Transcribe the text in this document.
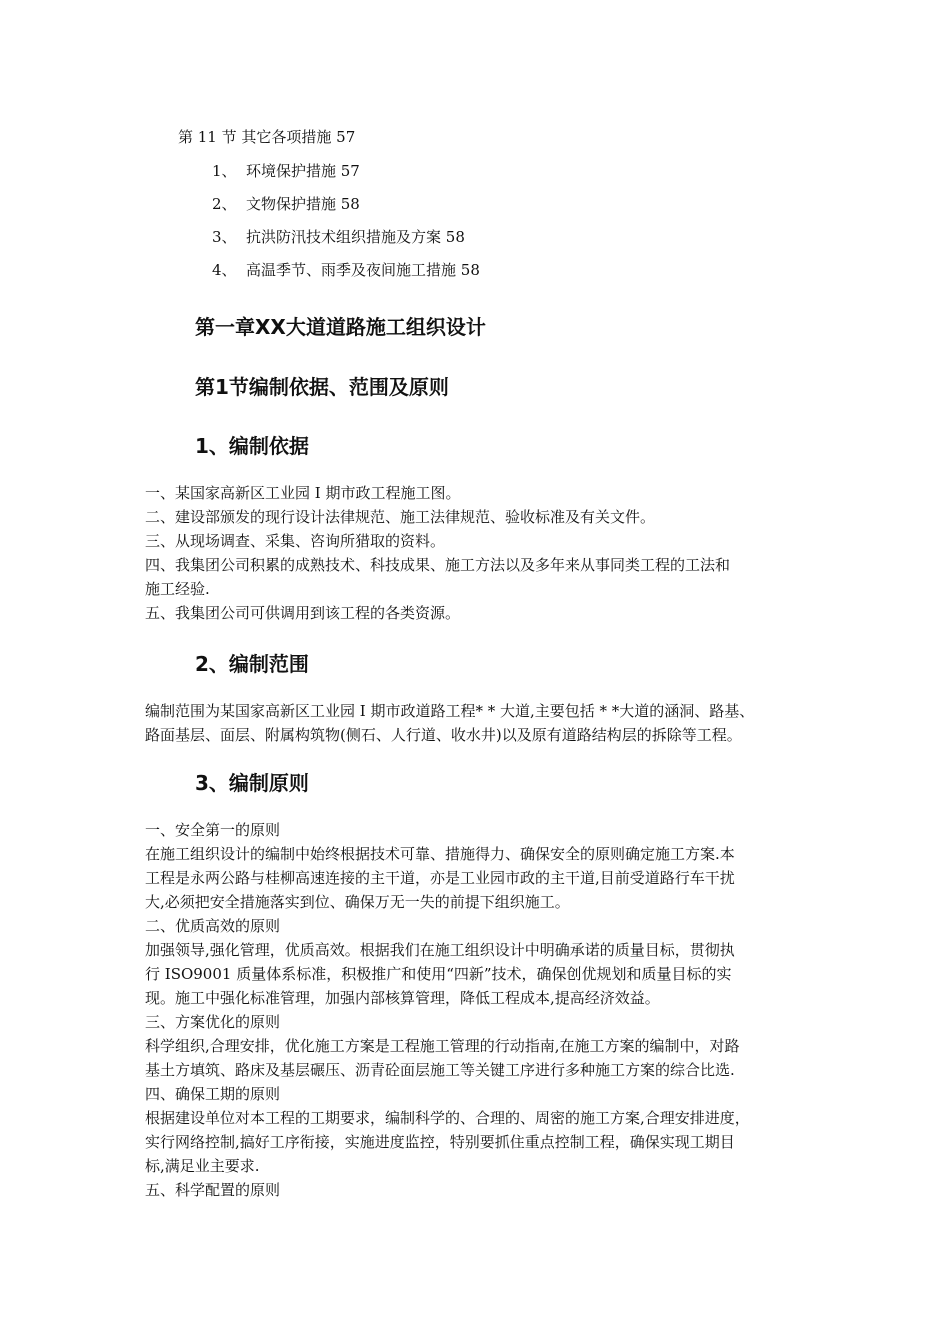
第 11 节 其它各项措施 57
1、 环境保护措施 57
2、 文物保护措施 58
3、 抗洪防汛技术组织措施及方案 58
4、 高温季节、雨季及夜间施工措施 58
第一章XX大道道路施工组织设计
第1节编制依据、范围及原则
1、编制依据
一、某国家高新区工业园 I 期市政工程施工图。
二、建设部颁发的现行设计法律规范、施工法律规范、验收标准及有关文件。
三、从现场调查、采集、咨询所猎取的资料。
四、我集团公司积累的成熟技术、科技成果、施工方法以及多年来从事同类工程的工法和
施工经验.
五、我集团公司可供调用到该工程的各类资源。
2、编制范围
编制范围为某国家高新区工业园 I 期市政道路工程* * 大道,主要包括 * *大道的涵洞、路基、
路面基层、面层、附属构筑物(侧石、人行道、收水井)以及原有道路结构层的拆除等工程。
3、编制原则
一、安全第一的原则
在施工组织设计的编制中始终根据技术可靠、措施得力、确保安全的原则确定施工方案.本
工程是永两公路与桂柳高速连接的主干道，亦是工业园市政的主干道,目前受道路行车干扰
大,必须把安全措施落实到位、确保万无一失的前提下组织施工。
二、优质高效的原则
加强领导,强化管理，优质高效。根据我们在施工组织设计中明确承诺的质量目标，贯彻执
行 ISO9001 质量体系标准，积极推广和使用“四新”技术，确保创优规划和质量目标的实
现。施工中强化标准管理，加强内部核算管理，降低工程成本,提高经济效益。
三、方案优化的原则
科学组织,合理安排，优化施工方案是工程施工管理的行动指南,在施工方案的编制中，对路
基土方填筑、路床及基层碾压、沥青砼面层施工等关键工序进行多种施工方案的综合比选.
四、确保工期的原则
根据建设单位对本工程的工期要求，编制科学的、合理的、周密的施工方案,合理安排进度，
实行网络控制,搞好工序衔接，实施进度监控，特别要抓住重点控制工程，确保实现工期目
标,满足业主要求.
五、科学配置的原则
